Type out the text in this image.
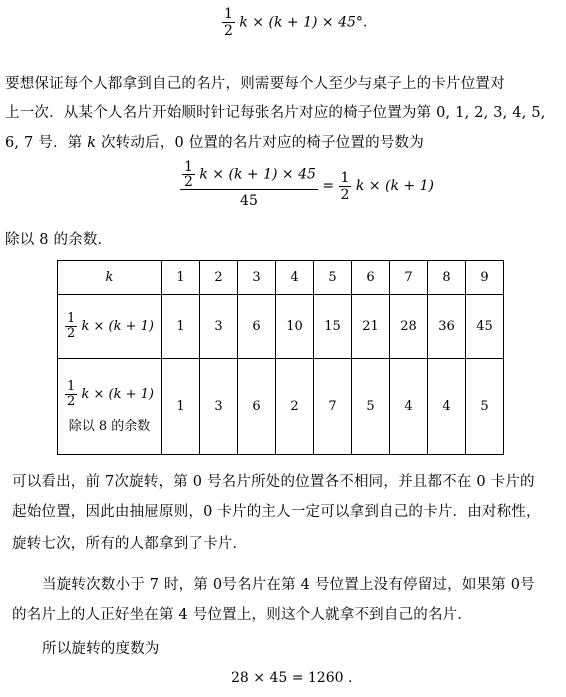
$\frac{1}{2}$ k × (k + 1) × 45°.
要想保证每个人都拿到自己的名片，则需要每个人至少与桌子上的卡片位置对
上一次．从某个人名片开始顺时针记每张名片对应的椅子位置为第 0, 1, 2, 3, 4, 5,
6, 7 号．第 k 次转动后，0 位置的名片对应的椅子位置的号数为
$\frac{\frac{1}{2} k \times (k + 1) \times 45}{45} = \frac{1}{2}$ k × (k + 1)
除以 8 的余数．
k	1	2	3	4	5	6	7	8	9

$\frac{1}{2}$ k × (k + 1)	1	3	6	10	15	21	28	36	45

$\frac{1}{2}$ k × (k + 1)
除以 8 的余数	1	3	6	2	7	5	4	4	5
可以看出，前 7次旋转，第 0 号名片所处的位置各不相同，并且都不在 0 卡片的
起始位置，因此由抽屉原则，0 卡片的主人一定可以拿到自己的卡片．由对称性，
旋转七次，所有的人都拿到了卡片．
当旋转次数小于 7 时，第 0号名片在第 4 号位置上没有停留过，如果第 0号
的名片上的人正好坐在第 4 号位置上，则这个人就拿不到自己的名片．
所以旋转的度数为
28 × 45 = 1260 .
